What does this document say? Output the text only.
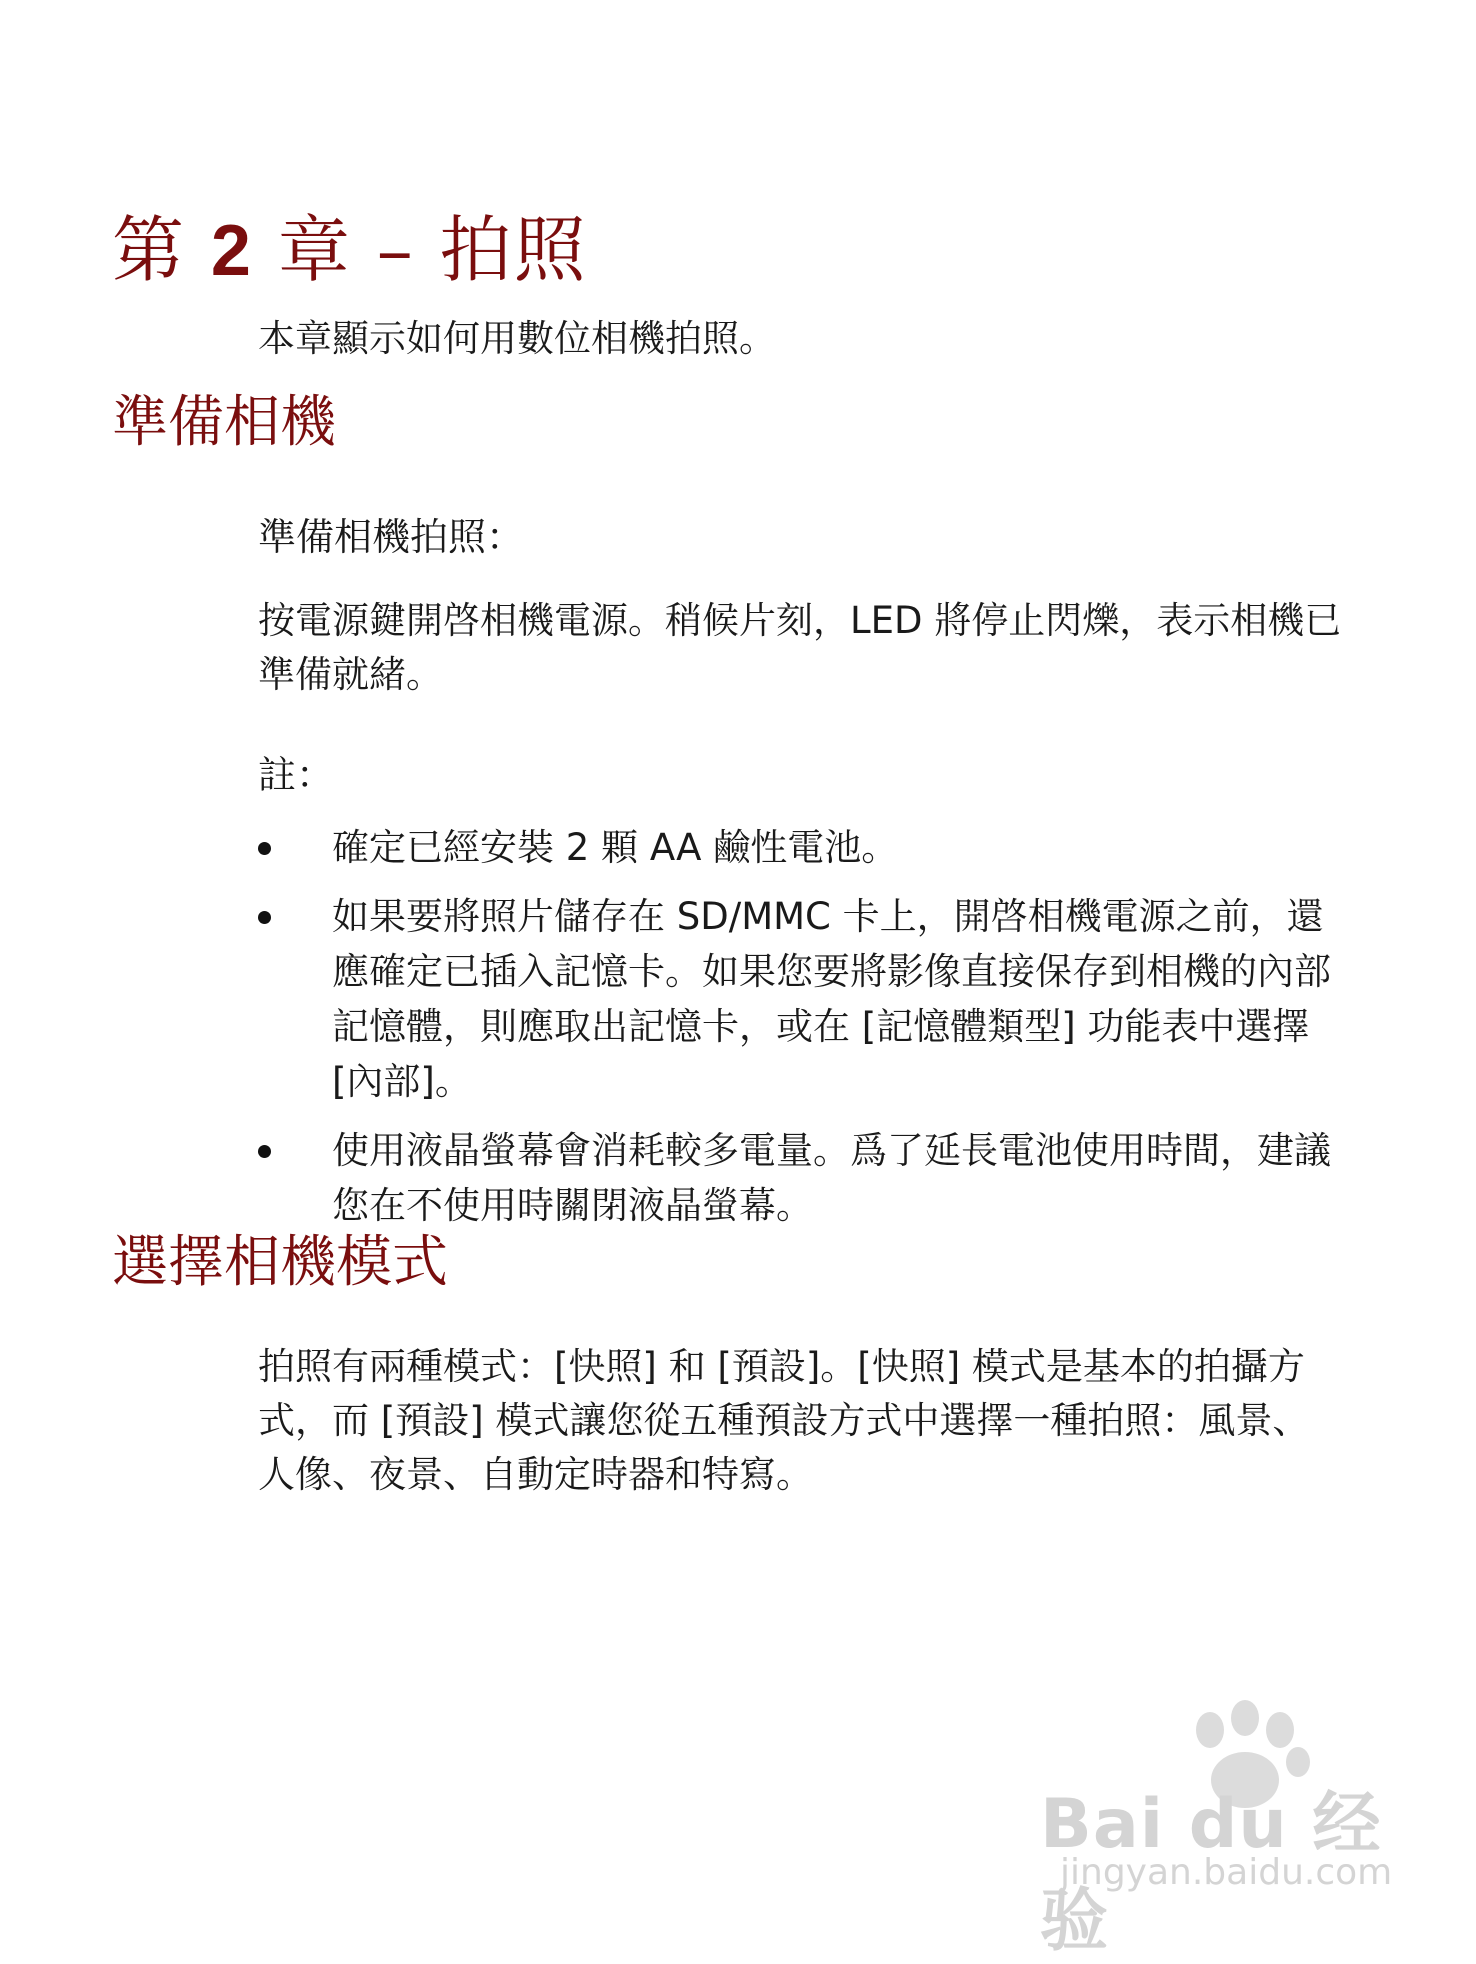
第 2 章 – 拍照

本章顯示如何用數位相機拍照。

準備相機
準備相機拍照：

按電源鍵開啓相機電源。稍候片刻，LED 將停止閃爍，表示相機已準備就緒。

註：
確定已經安裝 2 顆 AA 鹼性電池。
如果要將照片儲存在 SD/MMC 卡上，開啓相機電源之前，還應確定已插入記憶卡。如果您要將影像直接保存到相機的內部記憶體，則應取出記憶卡，或在 [記憶體類型] 功能表中選擇 [內部]。
使用液晶螢幕會消耗較多電量。爲了延長電池使用時間，建議您在不使用時關閉液晶螢幕。
選擇相機模式

拍照有兩種模式：[快照] 和 [預設]。[快照] 模式是基本的拍攝方式，而 [預設] 模式讓您從五種預設方式中選擇一種拍照：風景、人像、夜景、自動定時器和特寫。

Bai du 经验
jingyan.baidu.com
